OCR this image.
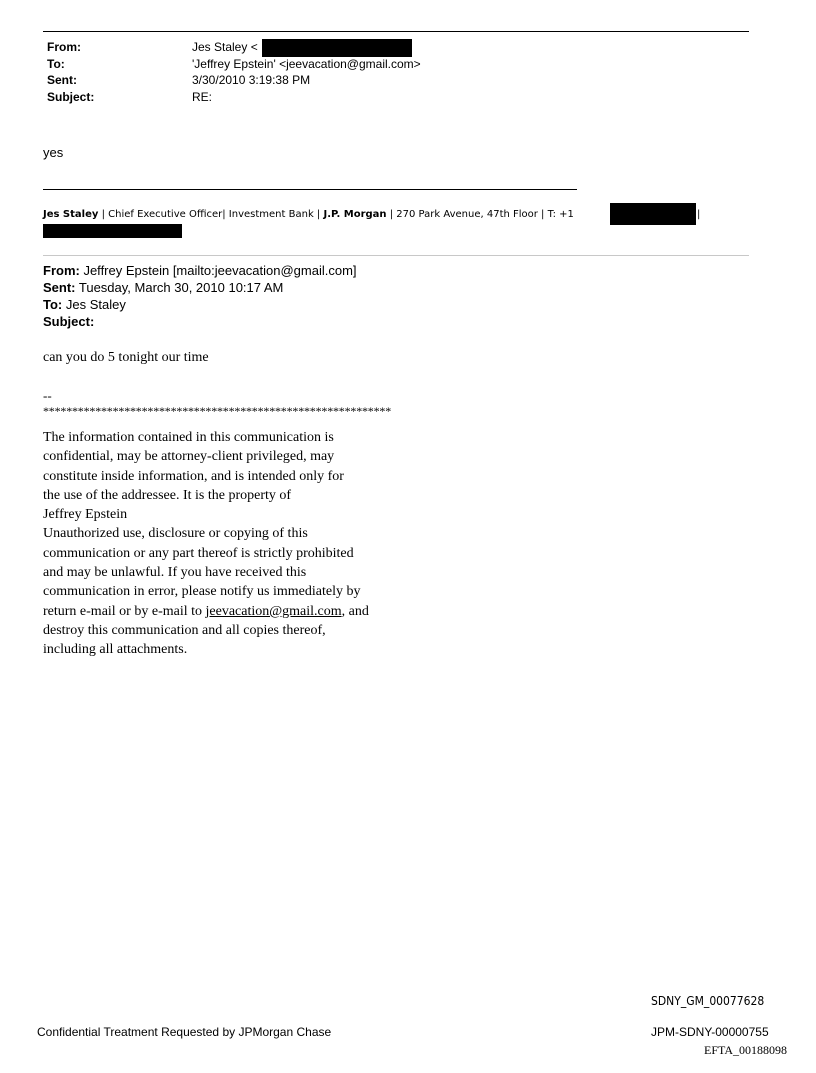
From:	Jes Staley <
To:	'Jeffrey Epstein' <jeevacation@gmail.com>
Sent:	3/30/2010 3:19:38 PM
Subject:	RE:
yes
Jes Staley | Chief Executive Officer| Investment Bank | J.P. Morgan | 270 Park Avenue, 47th Floor | T: +1	|
From: Jeffrey Epstein [mailto:jeevacation@gmail.com]
Sent: Tuesday, March 30, 2010 10:17 AM
To: Jes Staley
Subject:
can you do 5 tonight our time
--
************************************************************
The information contained in this communication is
confidential, may be attorney-client privileged, may
constitute inside information, and is intended only for
the use of the addressee. It is the property of
Jeffrey Epstein
Unauthorized use, disclosure or copying of this
communication or any part thereof is strictly prohibited
and may be unlawful. If you have received this
communication in error, please notify us immediately by
return e-mail or by e-mail to jeevacation@gmail.com, and
destroy this communication and all copies thereof,
including all attachments.
SDNY_GM_00077628
Confidential Treatment Requested by JPMorgan Chase	JPM-SDNY-00000755
EFTA_00188098
